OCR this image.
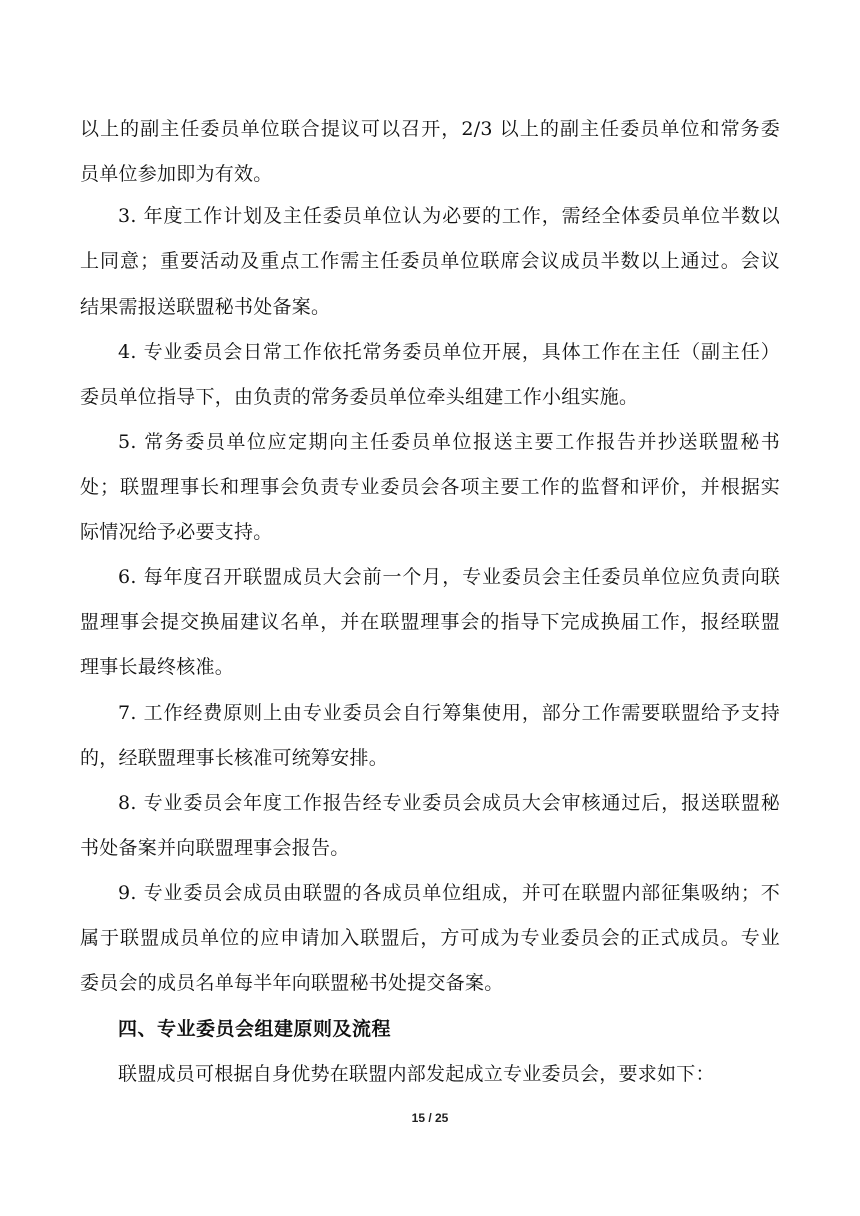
以上的副主任委员单位联合提议可以召开，2/3 以上的副主任委员单位和常务委
员单位参加即为有效。
3. 年度工作计划及主任委员单位认为必要的工作，需经全体委员单位半数以
上同意；重要活动及重点工作需主任委员单位联席会议成员半数以上通过。会议
结果需报送联盟秘书处备案。
4. 专业委员会日常工作依托常务委员单位开展，具体工作在主任（副主任）
委员单位指导下，由负责的常务委员单位牵头组建工作小组实施。
5. 常务委员单位应定期向主任委员单位报送主要工作报告并抄送联盟秘书
处；联盟理事长和理事会负责专业委员会各项主要工作的监督和评价，并根据实
际情况给予必要支持。
6. 每年度召开联盟成员大会前一个月，专业委员会主任委员单位应负责向联
盟理事会提交换届建议名单，并在联盟理事会的指导下完成换届工作，报经联盟
理事长最终核准。
7. 工作经费原则上由专业委员会自行筹集使用，部分工作需要联盟给予支持
的，经联盟理事长核准可统筹安排。
8. 专业委员会年度工作报告经专业委员会成员大会审核通过后，报送联盟秘
书处备案并向联盟理事会报告。
9. 专业委员会成员由联盟的各成员单位组成，并可在联盟内部征集吸纳；不
属于联盟成员单位的应申请加入联盟后，方可成为专业委员会的正式成员。专业
委员会的成员名单每半年向联盟秘书处提交备案。
四、专业委员会组建原则及流程
联盟成员可根据自身优势在联盟内部发起成立专业委员会，要求如下：
15 / 25
